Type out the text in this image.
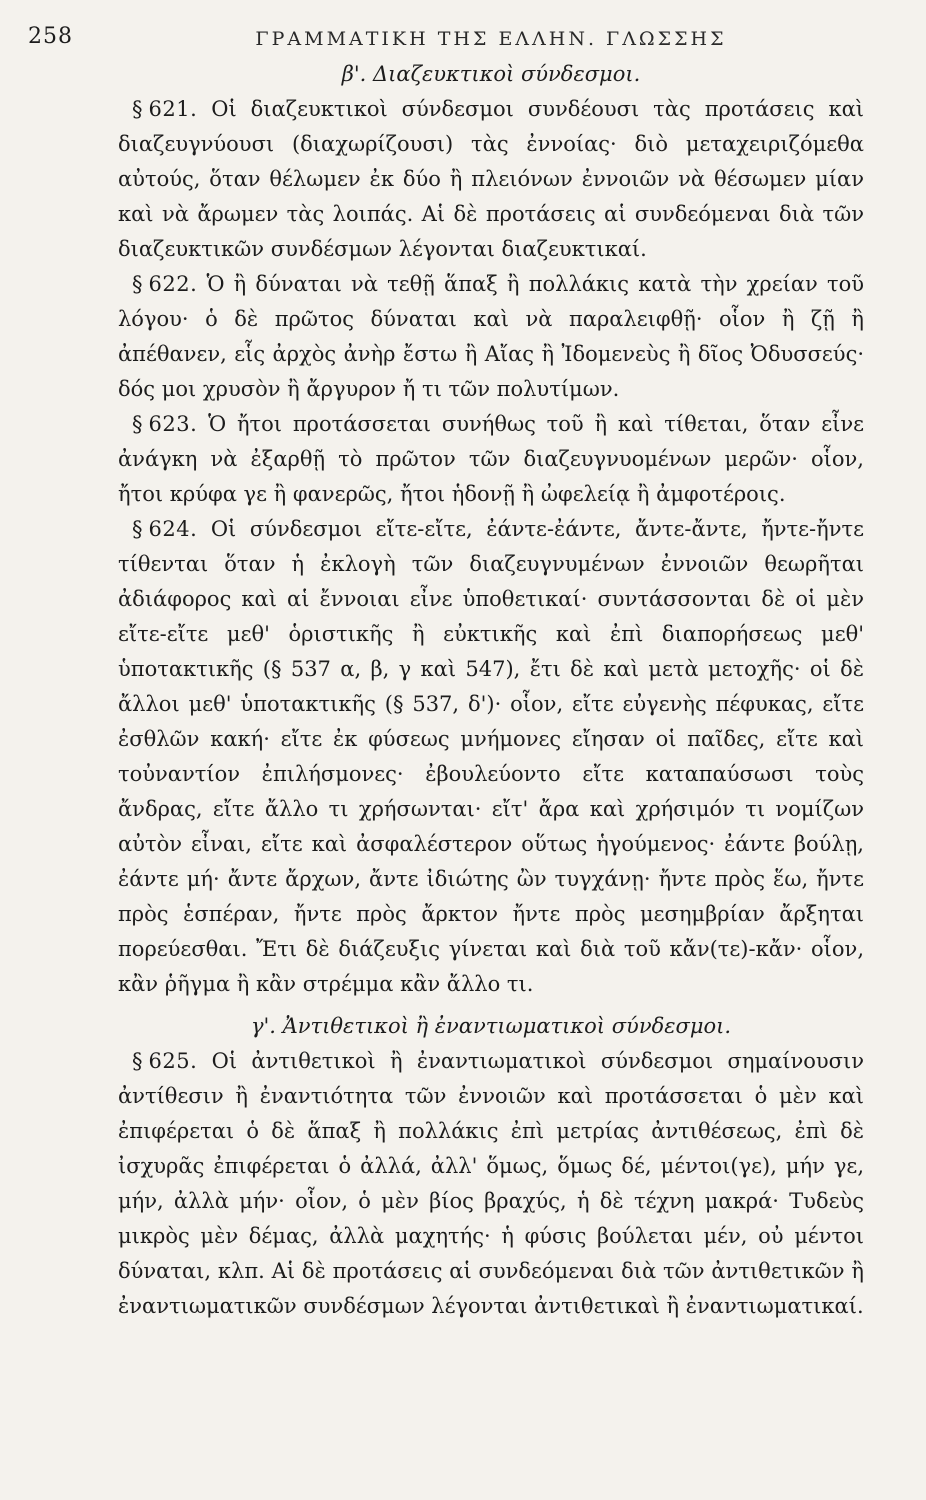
258	ΓΡΑΜΜΑΤΙΚΗ ΤΗΣ ΕΛΛΗΝ. ΓΛΩΣΣΗΣ
β'. Διαζευκτικοὶ σύνδεσμοι.

§ 621. Οἱ διαζευκτικοὶ σύνδεσμοι συνδέουσι τὰς προτάσεις καὶ διαζευγνύουσι (διαχωρίζουσι) τὰς ἐννοίας· διὸ μεταχειριζόμεθα αὐτούς, ὅταν θέλωμεν ἐκ δύο ἢ πλειόνων ἐννοιῶν νὰ θέσωμεν μίαν καὶ νὰ ἄρωμεν τὰς λοιπάς. Αἱ δὲ προτάσεις αἱ συνδεόμεναι διὰ τῶν διαζευκτικῶν συνδέσμων λέγονται διαζευκτικαί.

§ 622. Ὁ ἢ δύναται νὰ τεθῇ ἅπαξ ἢ πολλάκις κατὰ τὴν χρείαν τοῦ λόγου· ὁ δὲ πρῶτος δύναται καὶ νὰ παραλειφθῇ· οἷον ἢ ζῇ ἢ ἀπέθανεν, εἷς ἀρχὸς ἀνὴρ ἔστω ἢ Αἴας ἢ Ἰδομενεὺς ἢ δῖος Ὀδυσσεύς· δός μοι χρυσὸν ἢ ἄργυρον ἤ τι τῶν πολυτίμων.

§ 623. Ὁ ἤτοι προτάσσεται συνήθως τοῦ ἢ καὶ τίθεται, ὅταν εἶνε ἀνάγκη νὰ ἐξαρθῇ τὸ πρῶτον τῶν διαζευγνυομένων μερῶν· οἷον, ἤτοι κρύφα γε ἢ φανερῶς, ἤτοι ἡδονῇ ἢ ὠφελείᾳ ἢ ἀμφοτέροις.

§ 624. Οἱ σύνδεσμοι εἴτε-εἴτε, ἐάντε-ἐάντε, ἄντε-ἄντε, ἤντε-ἤντε τίθενται ὅταν ἡ ἐκλογὴ τῶν διαζευγνυμένων ἐννοιῶν θεωρῆται ἀδιάφορος καὶ αἱ ἔννοιαι εἶνε ὑποθετικαί· συντάσσονται δὲ οἱ μὲν εἴτε-εἴτε μεθ' ὁριστικῆς ἢ εὐκτικῆς καὶ ἐπὶ διαπορήσεως μεθ' ὑποτακτικῆς (§ 537 α, β, γ καὶ 547), ἔτι δὲ καὶ μετὰ μετοχῆς· οἱ δὲ ἄλλοι μεθ' ὑποτακτικῆς (§ 537, δ')· οἷον, εἴτε εὐγενὴς πέφυκας, εἴτε ἐσθλῶν κακή· εἴτε ἐκ φύσεως μνήμονες εἴησαν οἱ παῖδες, εἴτε καὶ τοὐναντίον ἐπιλήσμονες· ἐβουλεύοντο εἴτε καταπαύσωσι τοὺς ἄνδρας, εἴτε ἄλλο τι χρήσωνται· εἴτ' ἄρα καὶ χρήσιμόν τι νομίζων αὐτὸν εἶναι, εἴτε καὶ ἀσφαλέστερον οὕτως ἡγούμενος· ἐάντε βούλῃ, ἐάντε μή· ἄντε ἄρχων, ἄντε ἰδιώτης ὢν τυγχάνῃ· ἤντε πρὸς ἕω, ἤντε πρὸς ἑσπέραν, ἤντε πρὸς ἄρκτον ἤντε πρὸς μεσημβρίαν ἄρξηται πορεύεσθαι. Ἔτι δὲ διάζευξις γίνεται καὶ διὰ τοῦ κἄν(τε)-κἄν· οἷον, κἂν ῥῆγμα ἢ κἂν στρέμμα κἂν ἄλλο τι.

γ'. Ἀντιθετικοὶ ἢ ἐναντιωματικοὶ σύνδεσμοι.

§ 625. Οἱ ἀντιθετικοὶ ἢ ἐναντιωματικοὶ σύνδεσμοι σημαίνουσιν ἀντίθεσιν ἢ ἐναντιότητα τῶν ἐννοιῶν καὶ προτάσσεται ὁ μὲν καὶ ἐπιφέρεται ὁ δὲ ἅπαξ ἢ πολλάκις ἐπὶ μετρίας ἀντιθέσεως, ἐπὶ δὲ ἰσχυρᾶς ἐπιφέρεται ὁ ἀλλά, ἀλλ' ὅμως, ὅμως δέ, μέντοι(γε), μήν γε, μήν, ἀλλὰ μήν· οἷον, ὁ μὲν βίος βραχύς, ἡ δὲ τέχνη μακρά· Τυδεὺς μικρὸς μὲν δέμας, ἀλλὰ μαχητής· ἡ φύσις βούλεται μέν, οὐ μέντοι δύναται, κλπ. Αἱ δὲ προτάσεις αἱ συνδεόμεναι διὰ τῶν ἀντιθετικῶν ἢ ἐναντιωματικῶν συνδέσμων λέγονται ἀντιθετικαὶ ἢ ἐναντιωματικαί.
